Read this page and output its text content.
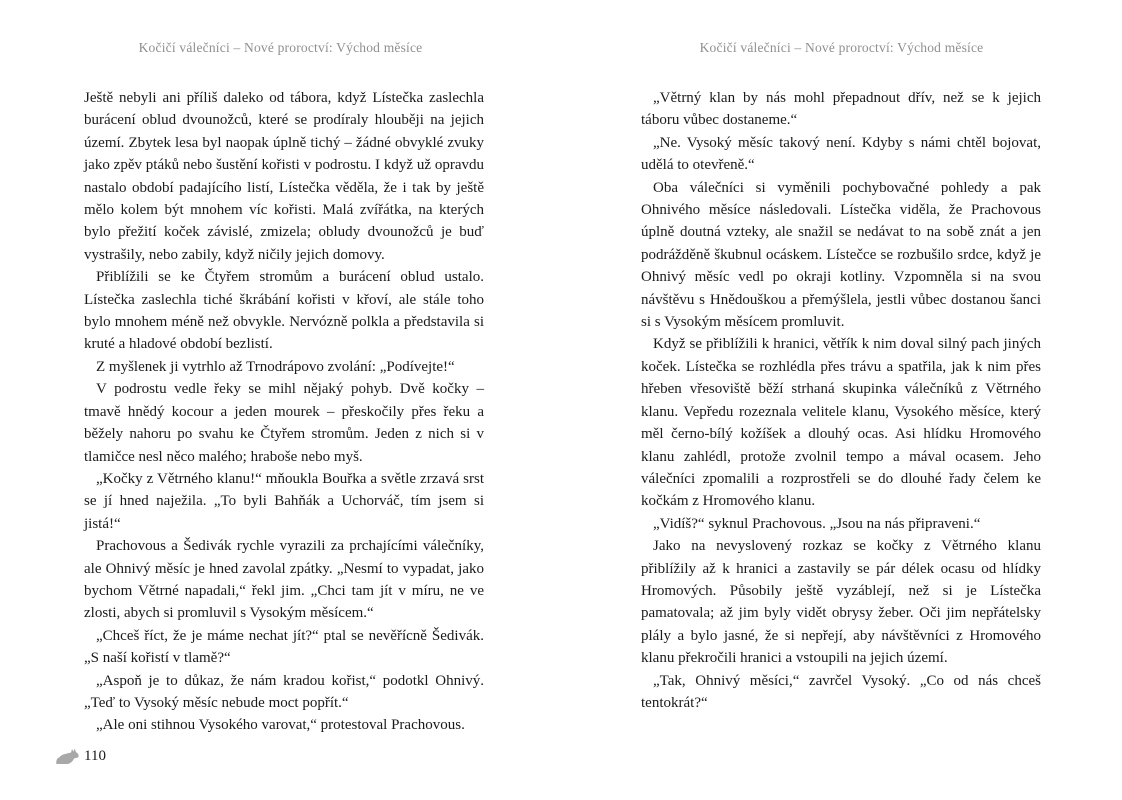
Kočičí válečníci – Nové proroctví: Východ měsíce

Ještě nebyli ani příliš daleko od tábora, když Lístečka zaslechla burácení oblud dvounožců, které se prodíraly hlouběji na jejich území. Zbytek lesa byl naopak úplně tichý – žádné obvyklé zvuky jako zpěv ptáků nebo šustění kořisti v podrostu. I když už opravdu nastalo období padajícího listí, Lístečka věděla, že i tak by ještě mělo kolem být mnohem víc kořisti. Malá zvířátka, na kterých bylo přežití koček závislé, zmizela; obludy dvounožců je buď vystrašily, nebo zabily, když ničily jejich domovy.

Přiblížili se ke Čtyřem stromům a burácení oblud ustalo. Lístečka zaslechla tiché škrábání kořisti v křoví, ale stále toho bylo mnohem méně než obvykle. Nervózně polkla a představila si kruté a hladové období bezlistí.

Z myšlenek ji vytrhlo až Trnodrápovo zvolání: „Podívejte!“

V podrostu vedle řeky se mihl nějaký pohyb. Dvě kočky – tmavě hnědý kocour a jeden mourek – přeskočily přes řeku a běžely nahoru po svahu ke Čtyřem stromům. Jeden z nich si v tlamičce nesl něco malého; hraboše nebo myš.

„Kočky z Větrného klanu!“ mňoukla Bouřka a světle zrzavá srst se jí hned naježila. „To byli Bahňák a Uchorváč, tím jsem si jistá!“

Prachovous a Šedivák rychle vyrazili za prchajícími válečníky, ale Ohnivý měsíc je hned zavolal zpátky. „Nesmí to vypadat, jako bychom Větrné napadali,“ řekl jim. „Chci tam jít v míru, ne ve zlosti, abych si promluvil s Vysokým měsícem.“

„Chceš říct, že je máme nechat jít?“ ptal se nevěřícně Šedivák. „S naší kořistí v tlamě?“

„Aspoň je to důkaz, že nám kradou kořist,“ podotkl Ohnivý. „Teď to Vysoký měsíc nebude moct popřít.“

„Ale oni stihnou Vysokého varovat,“ protestoval Prachovous.

110
Kočičí válečníci – Nové proroctví: Východ měsíce

„Větrný klan by nás mohl přepadnout dřív, než se k jejich táboru vůbec dostaneme.“

„Ne. Vysoký měsíc takový není. Kdyby s námi chtěl bojovat, udělá to otevřeně.“

Oba válečníci si vyměnili pochybovačné pohledy a pak Ohnivého měsíce následovali. Lístečka viděla, že Prachovous úplně doutná vzteky, ale snažil se nedávat to na sobě znát a jen podrážděně škubnul ocáskem. Lístečce se rozbušilo srdce, když je Ohnivý měsíc vedl po okraji kotliny. Vzpomněla si na svou návštěvu s Hnědouškou a přemýšlela, jestli vůbec dostanou šanci si s Vysokým měsícem promluvit.

Když se přiblížili k hranici, větřík k nim doval silný pach jiných koček. Lístečka se rozhlédla přes trávu a spatřila, jak k nim přes hřeben vřesoviště běží strhaná skupinka válečníků z Větrného klanu. Vepředu rozeznala velitele klanu, Vysokého měsíce, který měl černo-bílý kožíšek a dlouhý ocas. Asi hlídku Hromového klanu zahlédl, protože zvolnil tempo a mával ocasem. Jeho válečníci zpomalili a rozprostřeli se do dlouhé řady čelem ke kočkám z Hromového klanu.

„Vidíš?“ syknul Prachovous. „Jsou na nás připraveni.“

Jako na nevyslovený rozkaz se kočky z Větrného klanu přiblížily až k hranici a zastavily se pár délek ocasu od hlídky Hromových. Působily ještě vyzáblejí, než si je Lístečka pamatovala; až jim byly vidět obrysy žeber. Oči jim nepřátelsky plály a bylo jasné, že si nepřejí, aby návštěvníci z Hromového klanu překročili hranici a vstoupili na jejich území.

„Tak, Ohnivý měsíci,“ zavrčel Vysoký. „Co od nás chceš tentokrát?“
